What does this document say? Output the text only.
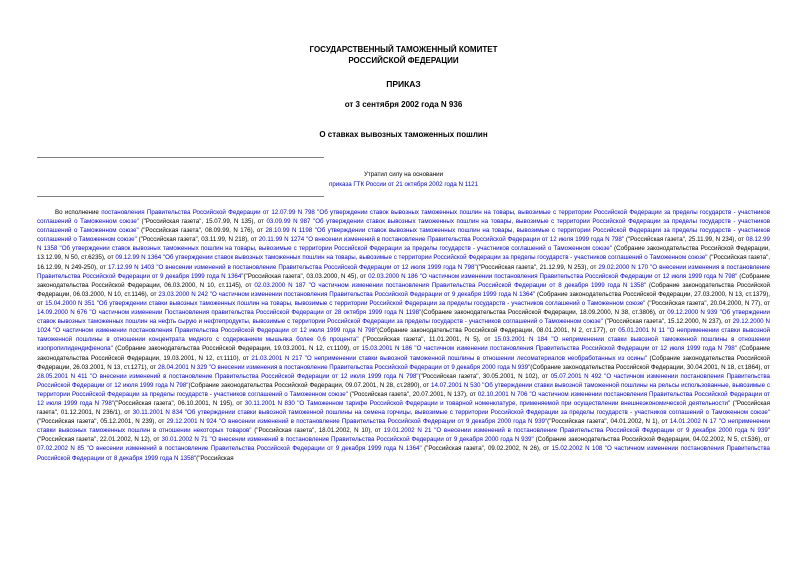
ГОСУДАРСТВЕННЫЙ ТАМОЖЕННЫЙ КОМИТЕТ
РОССИЙСКОЙ ФЕДЕРАЦИИ
ПРИКАЗ
от 3 сентября 2002 года N 936
О ставках вывозных таможенных пошлин
Утратил силу на основании
приказа ГТК России от 21 октября 2002 года N 1121
Во исполнение постановления Правительства Российской Федерации от 12.07.99 N 798 "Об утверждении ставок вывозных таможенных пошлин на товары, вывозимые с территории Российской Федерации за пределы государств - участников соглашений о Таможенном союзе" ("Российская газета", 15.07.99, N 135), от 03.09.99 N 987 "Об утверждении ставок вывозных таможенных пошлин на товары, вывозимые с территории Российской Федерации за пределы государств - участников соглашений о Таможенном союзе" ("Российская газета", 08.09.99, N 176), от 28.10.99 N 1198 "Об утверждении ставок вывозных таможенных пошлин на товары, вывозимые с территории Российской Федерации за пределы государств - участников соглашений о Таможенном союзе" ("Российская газета", 03.11.99, N 218), от 20.11.99 N 1274 "О внесении изменений в постановление Правительства Российской Федерации от 12 июля 1999 года N 798" ("Российская газета", 25.11.99, N 234), от 08.12.99 N 1358 "Об утверждении ставок вывозных таможенных пошлин на товары, вывозимые с территории Российской Федерации за пределы государств - участников соглашений о Таможенном союзе" (Собрание законодательства Российской Федерации, 13.12.99, N 50, ст.6235), от 09.12.99 N 1364 "Об утверждении ставок вывозных таможенных пошлин на товары, вывозимые с территории Российской Федерации за пределы государств - участников соглашений о Таможенном союзе" ("Российская газета", 16.12.99, N 249-250), от 17.12.99 N 1403 "О внесении изменений в постановление Правительства Российской Федерации от 12 июля 1999 года N 798"("Российская газета", 21.12.99, N 253), от 29.02.2000 N 170 "О внесении изменения в постановление Правительства Российской Федерации от 9 декабря 1999 года N 1364"("Российская газета", 03.03.2000, N 45), от 02.03.2000 N 186 "О частичном изменении постановления Правительства Российской Федерации от 12 июля 1999 года N 798" (Собрание законодательства Российской Федерации, 06.03.2000, N 10, ст.1145), от 02.03.2000 N 187 "О частичном изменении постановления Правительства Российской Федерации от 8 декабря 1999 года N 1358" (Собрание законодательства Российской Федерации, 06.03.2000, N 10, ст.1146), от 23.03.2000 N 242 "О частичном изменении постановления Правительства Российской Федерации от 9 декабря 1999 года N 1364" (Собрание законодательства Российской Федерации, 27.03.2000, N 13, ст.1379), от 15.04.2000 N 351 "Об утверждении ставки вывозных таможенных пошлин на товары, вывозимые с территории Российской Федерации за пределы государств - участников соглашений о Таможенном союзе" ("Российская газета", 20.04.2000, N 77), от 14.09.2000 N 676 "О частичном изменении Постановления правительства Российской Федерации от 28 октября 1999 года N 1198"(Собрание законодательства Российской Федерации, 18.09.2000, N 38, ст.3806), от 09.12.2000 N 939 "Об утверждении ставок вывозных таможенных пошлин на нефть сырую и нефтепродукты, вывозимые с территории Российской Федерации за пределы государств - участников соглашений о Таможенном союзе" ("Российская газета", 15.12.2000, N 237), от 29.12.2000 N 1024 "О частичном изменении постановления Правительства Российской Федерации от 12 июля 1999 года N 798"(Собрание законодательства Российской Федерации, 08.01.2001, N 2, ст.177), от 05.01.2001 N 11 "О неприменении ставки вывозной таможенной пошлины в отношении концентрата медного с содержанием мышьяка более 0,6 процента" ("Российская газета", 11.01.2001, N 5), от 15.03.2001 N 184 "О неприменении ставки вывозной таможенной пошлины в отношении изопропилидендифенола" (Собрание законодательства Российской Федерации, 19.03.2001, N 12, ст.1109), от 15.03.2001 N 186 "О частичном изменении постановления Правительства Российской Федерации от 12 июля 1999 года N 798" (Собрание законодательства Российской Федерации, 19.03.2001, N 12, ст.1110), от 21.03.2001 N 217 "О неприменении ставки вывозной таможенной пошлины в отношении лесоматериалов необработанных из осины" (Собрание законодательства Российской Федерации, 26.03.2001, N 13, ст.1271), от 28.04.2001 N 329 "О внесении изменения в постановление Правительства Российской Федерации от 9 декабря 2000 года N 939"(Собрание законодательства Российской Федерации, 30.04.2001, N 18, ст.1864), от 28.05.2001 N 411 "О внесении изменений в постановление Правительства Российской Федерации от 12 июля 1999 года N 798"("Российская газета", 30.05.2001, N 102), от 05.07.2001 N 492 "О частичном изменении постановления Правительства Российской Федерации от 12 июля 1999 года N 798"(Собрание законодательства Российской Федерации, 09.07.2001, N 28, ст.2890), от 14.07.2001 N 530 "Об утверждении ставки вывозной таможенной пошлины на рельсы использованные, вывозимые с территории Российской Федерации за пределы государств - участников соглашений о Таможенном союзе" ("Российская газета", 20.07.2001, N 137), от 02.10.2001 N 706 "О частичном изменении постановления Правительства Российской Федерации от 12 июля 1999 года N 798"("Российская газета", 06.10.2001, N 195), от 30.11.2001 N 830 "О Таможенном тарифе Российской Федерации и товарной номенклатуре, применяемой при осуществлении внешнеэкономической деятельности" ("Российская газета", 01.12.2001, N 236/1), от 30.11.2001 N 834 "Об утверждении ставки вывозной таможенной пошлины на семена горчицы, вывозимые с территории Российской Федерации за пределы государств - участников соглашений о Таможенном союзе" ("Российская газета", 05.12.2001, N 239), от 29.12.2001 N 924 "О внесении изменений в постановление Правительства Российской Федерации от 9 декабря 2000 года N 939"("Российская газета", 04.01.2002, N 1), от 14.01.2002 N 17 "О неприменении ставки вывозных таможенных пошлин в отношении некоторых товаров" ("Российская газета", 18.01.2002, N 10), от 19.01.2002 N 21 "О внесении изменений в постановление Правительства Российской Федерации от 9 декабря 2000 года N 939"("Российская газета", 22.01.2002, N 12), от 30.01.2002 N 71 "О внесении изменений в постановление Правительства Российской Федерации от 9 декабря 2000 года N 939" (Собрание законодательства Российской Федерации, 04.02.2002, N 5, ст.536), от 07.02.2002 N 85 "О внесении изменений в постановление Правительства Российской Федерации от 9 декабря 1999 года N 1364" ("Российская газета", 09.02.2002, N 26), от 15.02.2002 N 108 "О частичном изменении постановления Правительства Российской Федерации от 8 декабря 1999 года N 1358"("Российская
